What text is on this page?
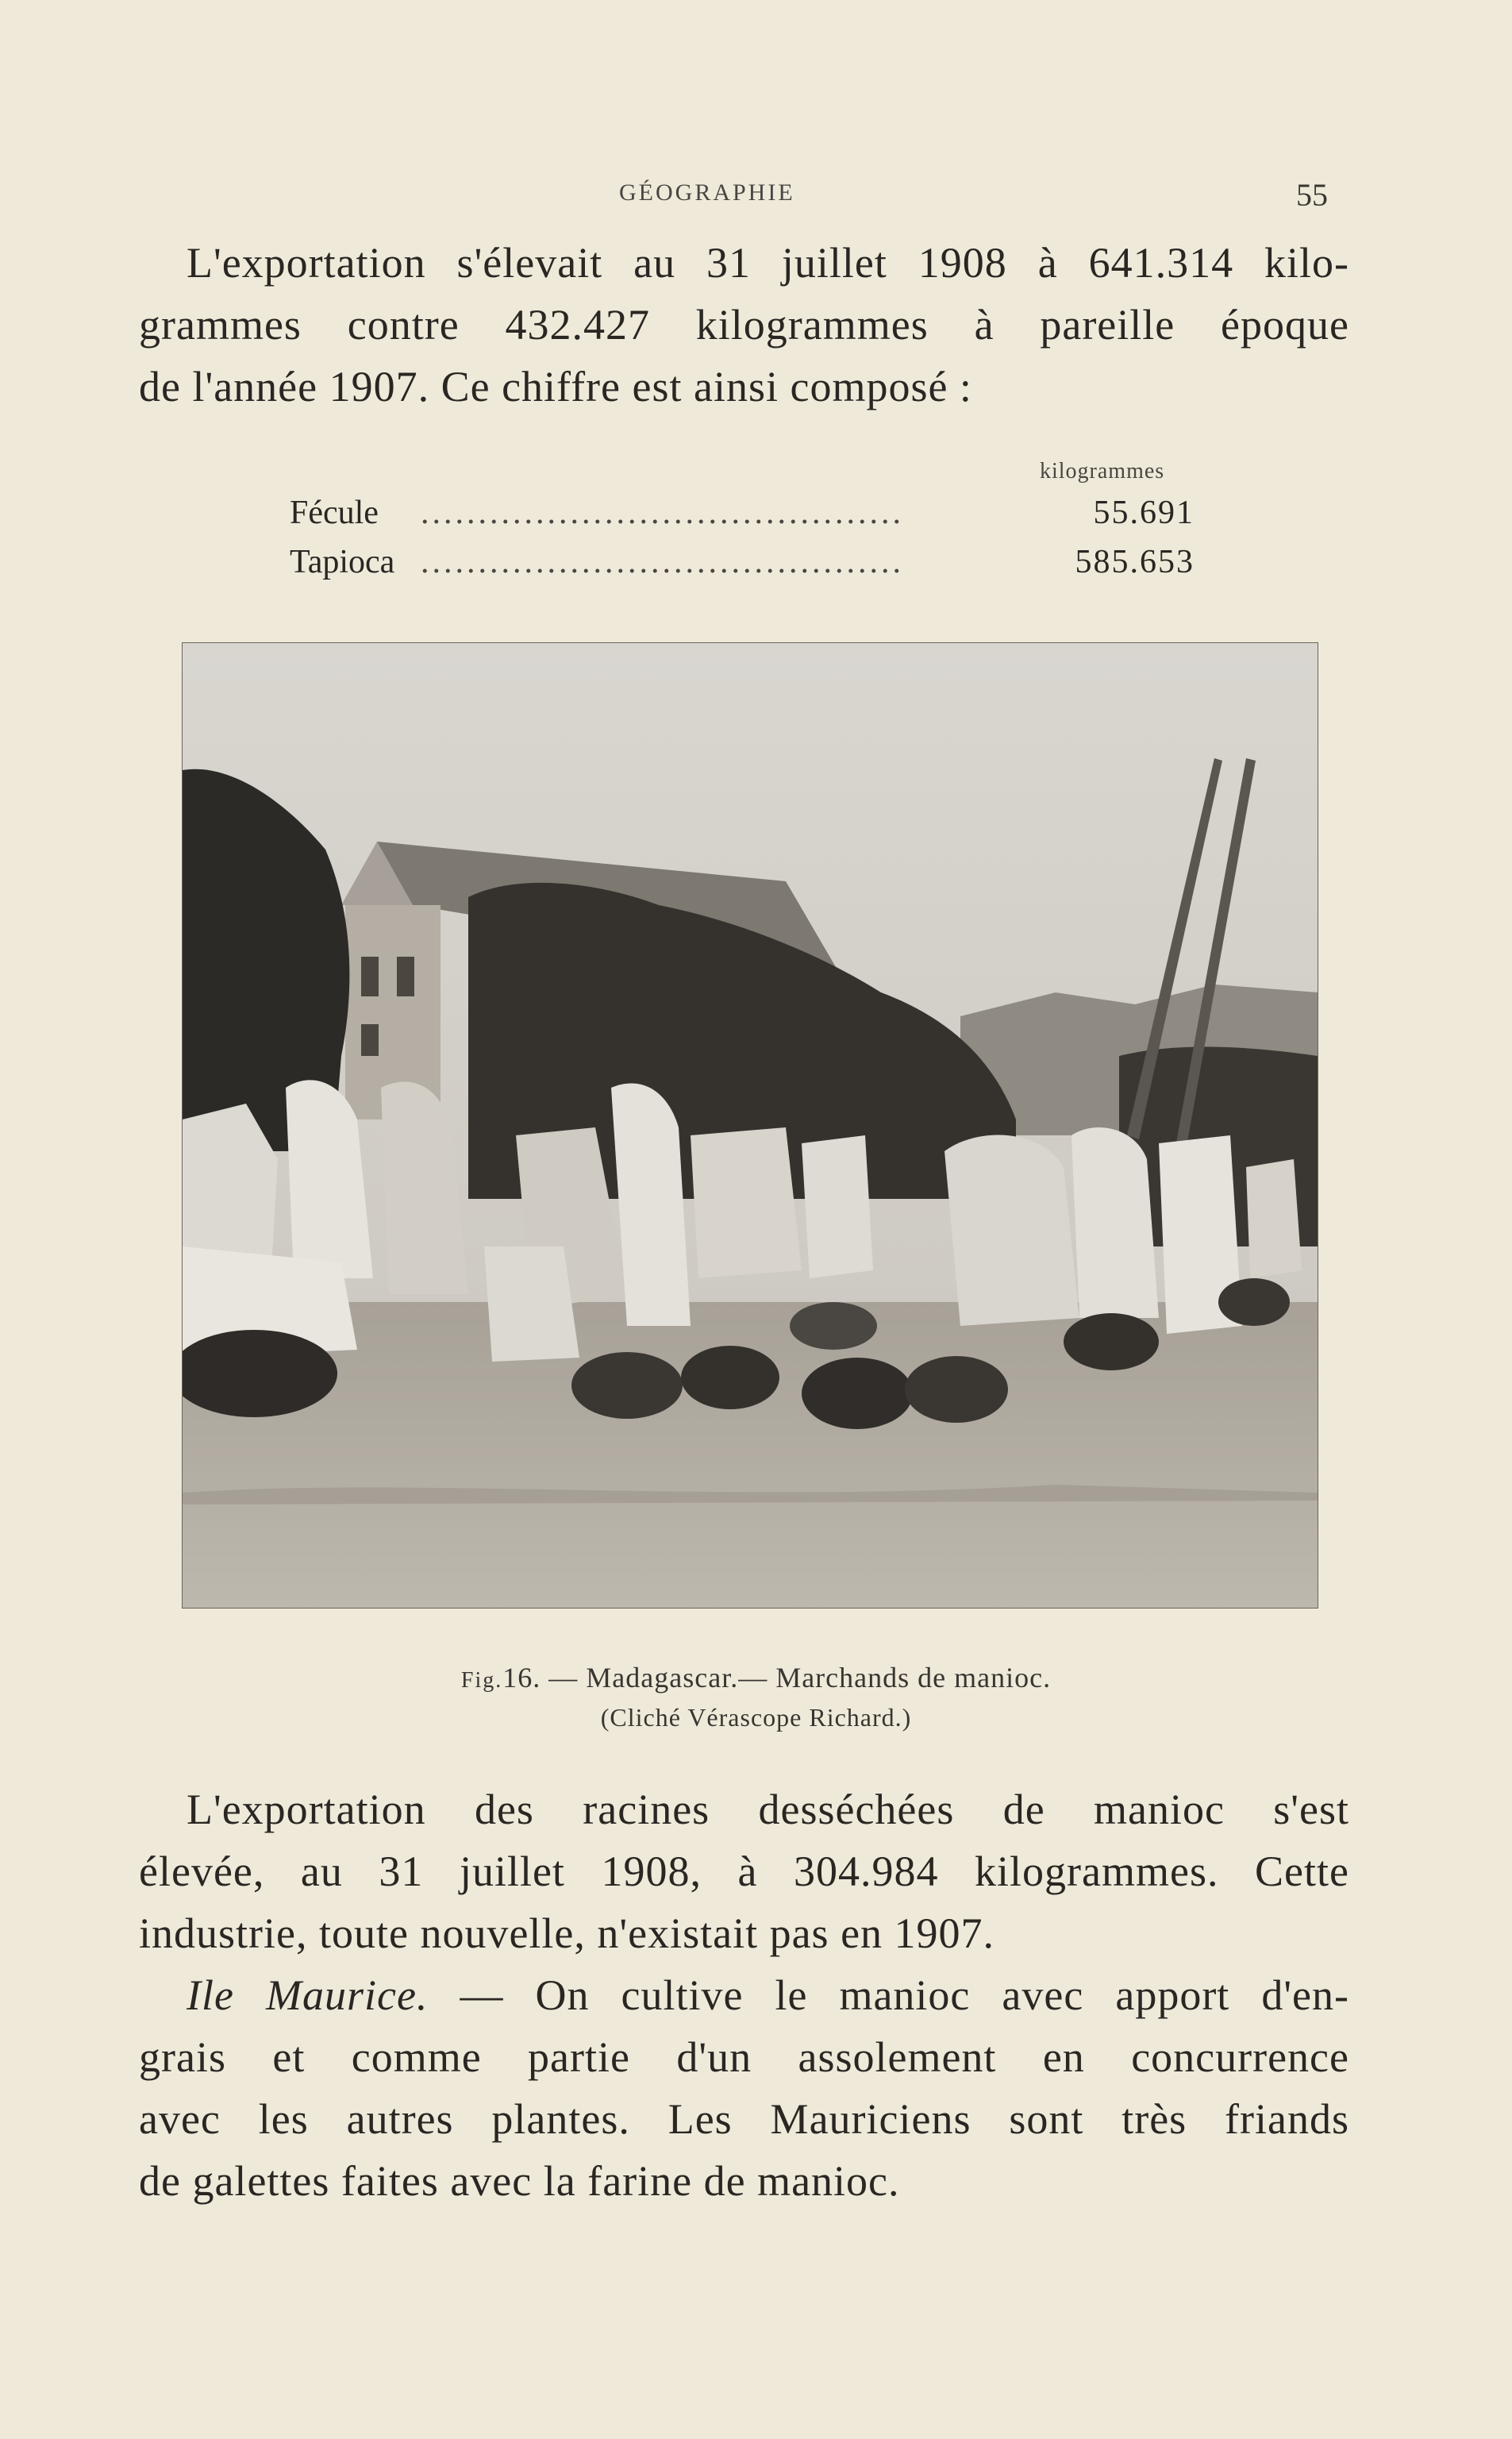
GÉOGRAPHIE	55

L'exportation s'élevait au 31 juillet 1908 à 641.314 kilo-
grammes contre 432.427 kilogrammes à pareille époque
de l'année 1907. Ce chiffre est ainsi composé :

kilogrammes
Fécule ..........................................	55.691
Tapioca ..........................................	585.653
Fig.16. — Madagascar.— Marchands de manioc.
(Cliché Vérascope Richard.)

L'exportation des racines desséchées de manioc s'est
élevée, au 31 juillet 1908, à 304.984 kilogrammes. Cette
industrie, toute nouvelle, n'existait pas en 1907.

Ile Maurice. — On cultive le manioc avec apport d'en-
grais et comme partie d'un assolement en concurrence
avec les autres plantes. Les Mauriciens sont très friands
de galettes faites avec la farine de manioc.
